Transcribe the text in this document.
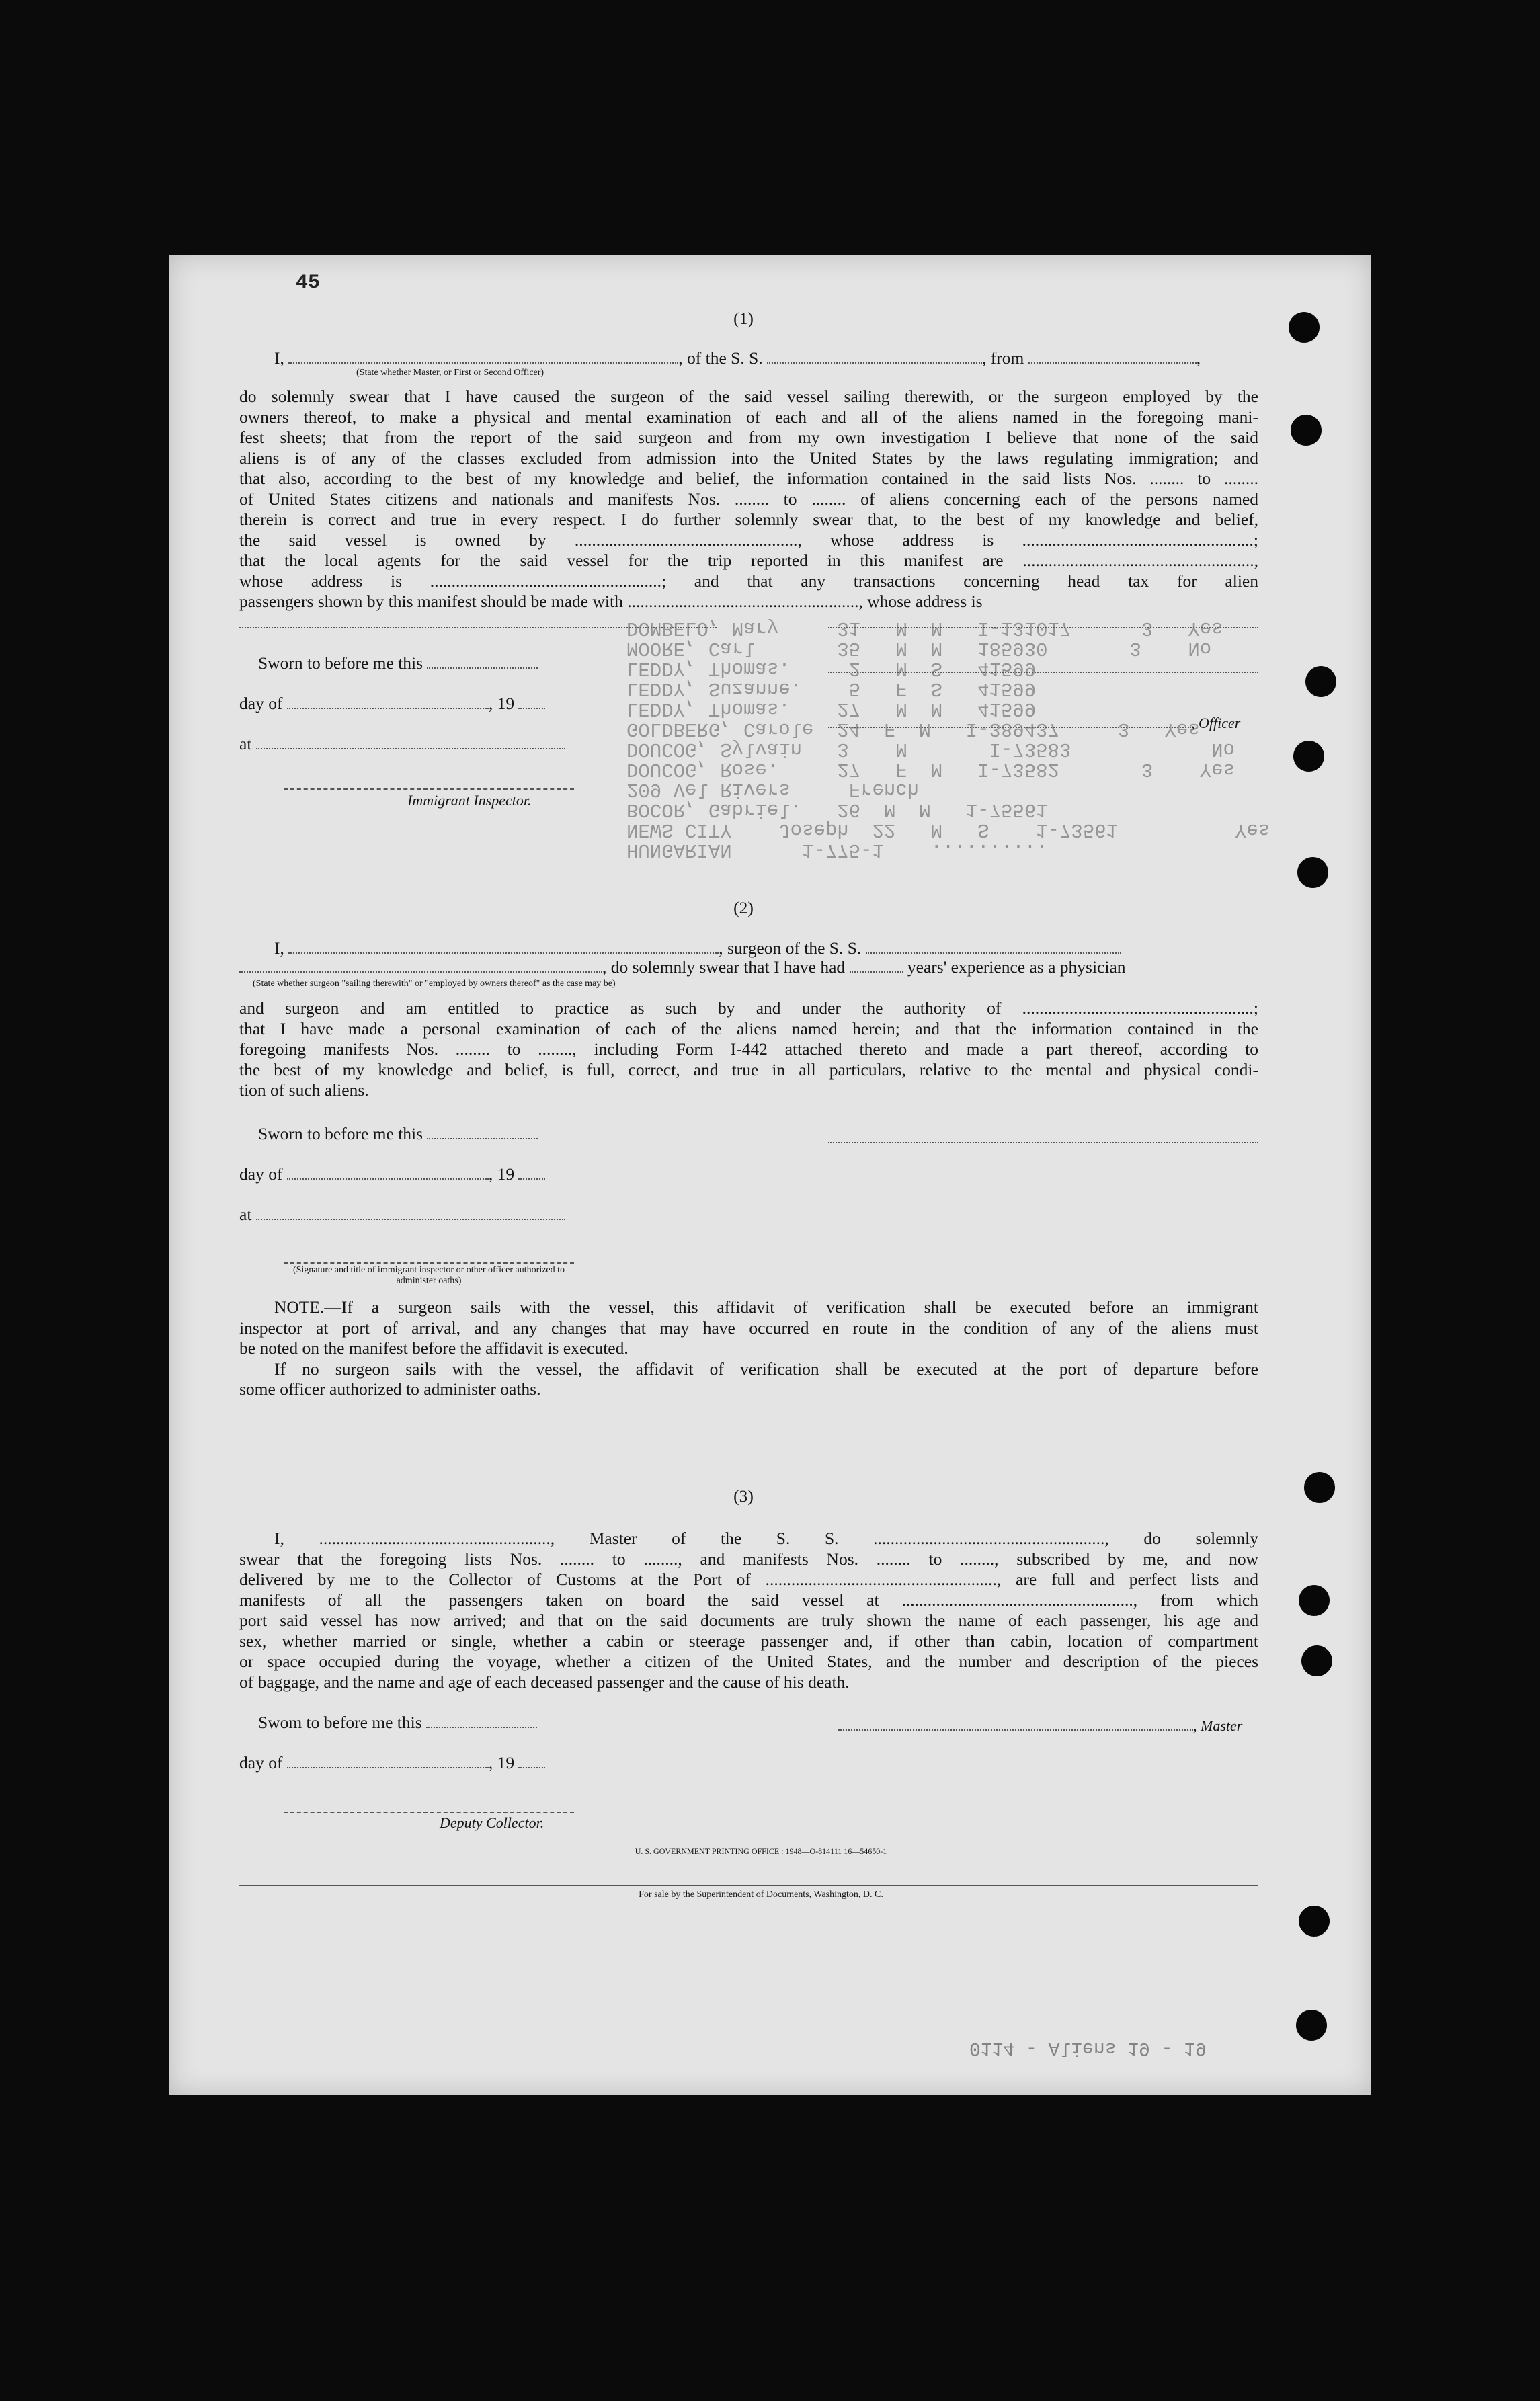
HUNGARIAN      1-775-1    ..........
NEWS CITY    Joseph  22   M   S    1-73561          Yes
BOCOR, Gabriel.   26  M  M   1-75561
209 Vel Rivers     French
DOUCOG, Rose.     27   F  M   I-73582       3    Yes
DOUCOG, Sylvain   3    M       I-73583            No
GOLDBERG, Carole  24  F  M   I-389437     3   Yes
LEDDY, Thomas.    27   M  M   41599
LEDDY, Suzanne.    5   F  S   41599
LEDDY, Thomas.     2   M  S   41599
MOORE, Carl       35   M  M   185930       3    No
DOMBELO, Mary     31   M  M   I-131017      3   Yes
45
(1)
I,	, of the S. S.	, from	,
(State whether Master, or First or Second Officer)
do solemnly swear that I have caused the surgeon of the said vessel sailing therewith, or the surgeon employed by the
owners thereof, to make a physical and mental examination of each and all of the aliens named in the foregoing mani-
fest sheets; that from the report of the said surgeon and from my own investigation I believe that none of the said
aliens is of any of the classes excluded from admission into the United States by the laws regulating immigration; and
that also, according to the best of my knowledge and belief, the information contained in the said lists Nos. ........ to ........
of United States citizens and nationals and manifests Nos. ........ to ........ of aliens concerning each of the persons named
therein is correct and true in every respect. I do further solemnly swear that, to the best of my knowledge and belief,
the said vessel is owned by ...................................................., whose address is ......................................................;
that the local agents for the said vessel for the trip reported in this manifest are ......................................................,
whose address is ......................................................; and that any transactions concerning head tax for alien
passengers shown by this manifest should be made with ......................................................, whose address is
Sworn to before me this
day of	, 19
, Officer
at
Immigrant Inspector.
(2)
I,	, surgeon of the S. S.
, do solemnly swear that I have had	years' experience as a physician
(State whether surgeon "sailing therewith" or "employed by owners thereof" as the case may be)
and surgeon and am entitled to practice as such by and under the authority of ......................................................;
that I have made a personal examination of each of the aliens named herein; and that the information contained in the
foregoing manifests Nos. ........ to ........, including Form I-442 attached thereto and made a part thereof, according to
the best of my knowledge and belief, is full, correct, and true in all particulars, relative to the mental and physical condi-
tion of such aliens.
Sworn to before me this
day of	, 19
at
(Signature and title of immigrant inspector or other officer authorized to administer oaths)
NOTE.—If a surgeon sails with the vessel, this affidavit of verification shall be executed before an immigrant
inspector at port of arrival, and any changes that may have occurred en route in the condition of any of the aliens must
be noted on the manifest before the affidavit is executed.
If no surgeon sails with the vessel, the affidavit of verification shall be executed at the port of departure before
some officer authorized to administer oaths.
(3)
I, ......................................................, Master of the S. S. ......................................................, do solemnly
swear that the foregoing lists Nos. ........ to ........, and manifests Nos. ........ to ........, subscribed by me, and now
delivered by me to the Collector of Customs at the Port of ......................................................, are full and perfect lists and
manifests of all the passengers taken on board the said vessel at ......................................................, from which
port said vessel has now arrived; and that on the said documents are truly shown the name of each passenger, his age and
sex, whether married or single, whether a cabin or steerage passenger and, if other than cabin, location of compartment
or space occupied during the voyage, whether a citizen of the United States, and the number and description of the pieces
of baggage, and the name and age of each deceased passenger and the cause of his death.
Swom to before me this	, Master
day of	, 19
Deputy Collector.
U. S. GOVERNMENT PRINTING OFFICE : 1948—O-814111 16—54650-1
For sale by the Superintendent of Documents, Washington, D. C.
0114 - Aliens 19 - 19
